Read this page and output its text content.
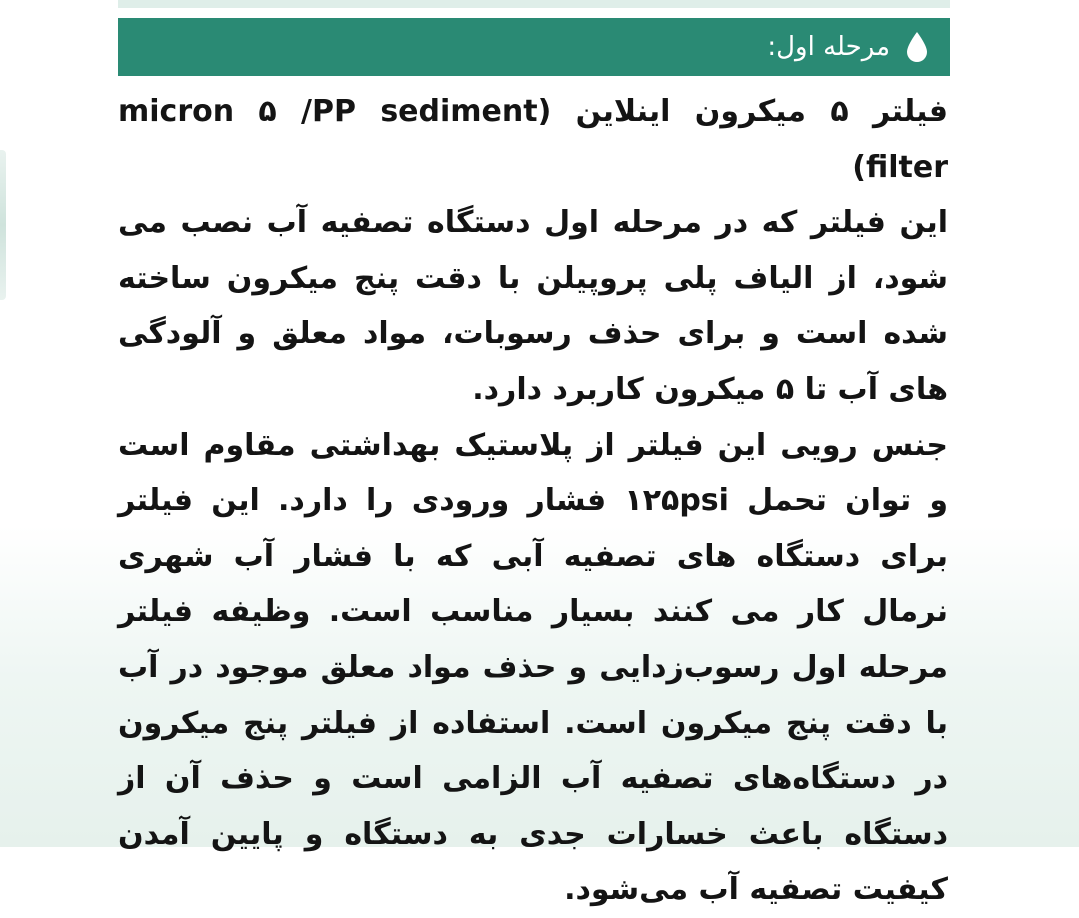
مرحله اول:

فیلتر ۵ میکرون اینلاین (micron ۵ /PP sediment filter)

این فیلتر که در مرحله اول دستگاه تصفیه آب نصب می شود، از الیاف پلی پروپیلن با دقت پنج میکرون ساخته شده است و برای حذف رسوبات، مواد معلق و آلودگی های آب تا ۵ میکرون کاربرد دارد.

جنس رویی این فیلتر از پلاستیک بهداشتی مقاوم است و توان تحمل ۱۲۵psi فشار ورودی را دارد. این فیلتر برای دستگاه های تصفیه آبی که با فشار آب شهری نرمال کار می کنند بسیار مناسب است. وظیفه فیلتر مرحله اول رسوب‌زدایی و حذف مواد معلق موجود در آب با دقت پنج میکرون است. استفاده از فیلتر پنج میکرون در دستگاه‌های تصفیه آب الزامی است و حذف آن از دستگاه باعث خسارات جدی به دستگاه و پایین آمدن کیفیت تصفیه آب می‌شود.
